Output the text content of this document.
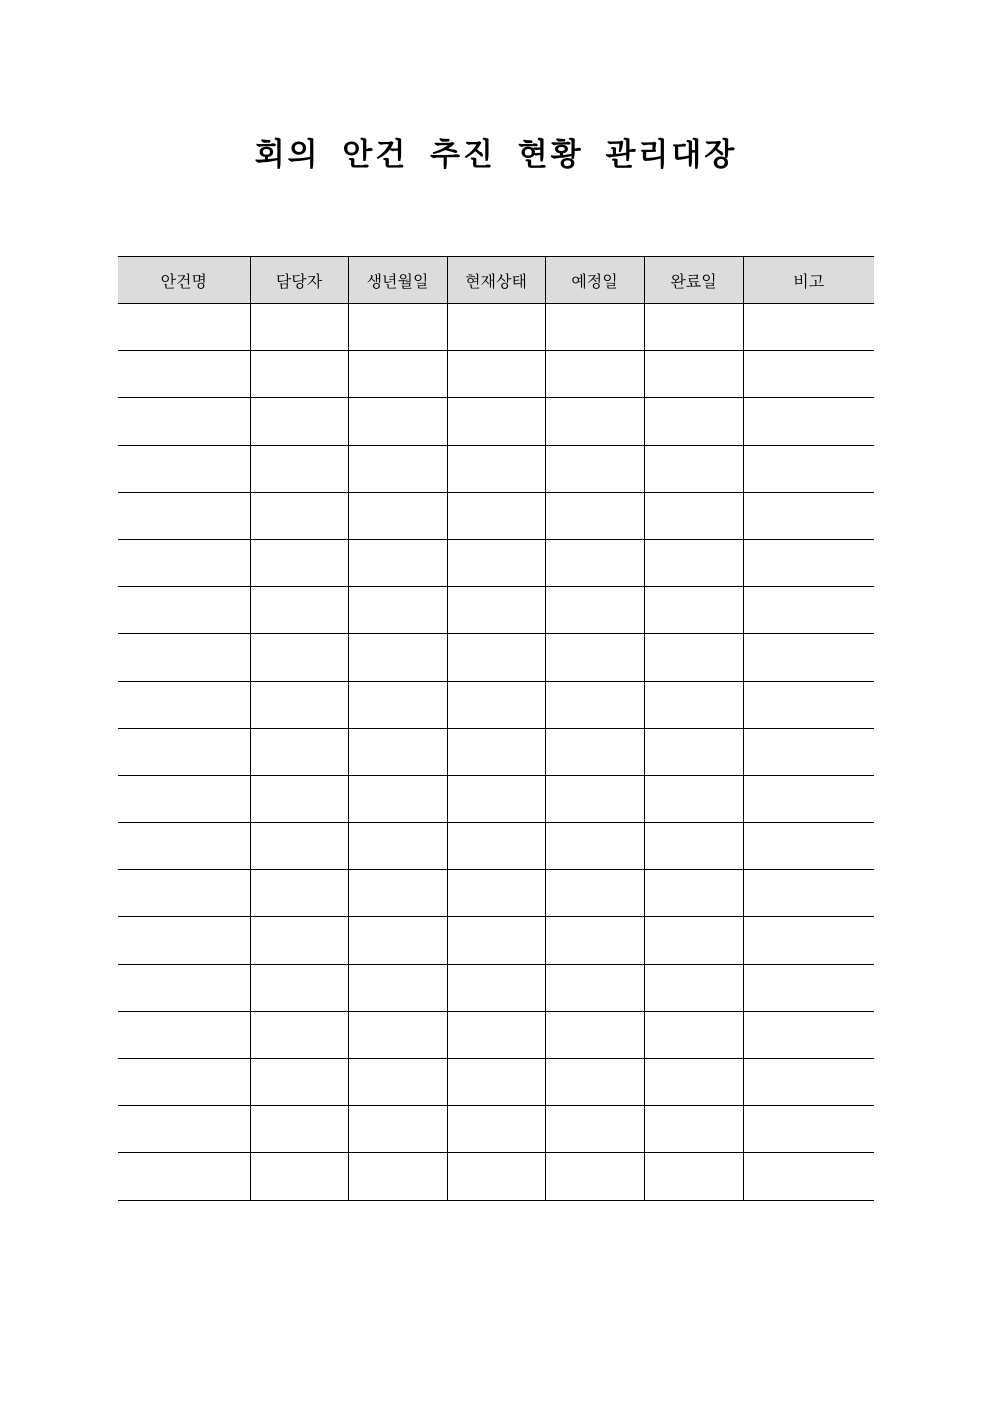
회의 안건 추진 현황 관리대장
안건명	담당자	생년월일	현재상태	예정일	완료일	비고
